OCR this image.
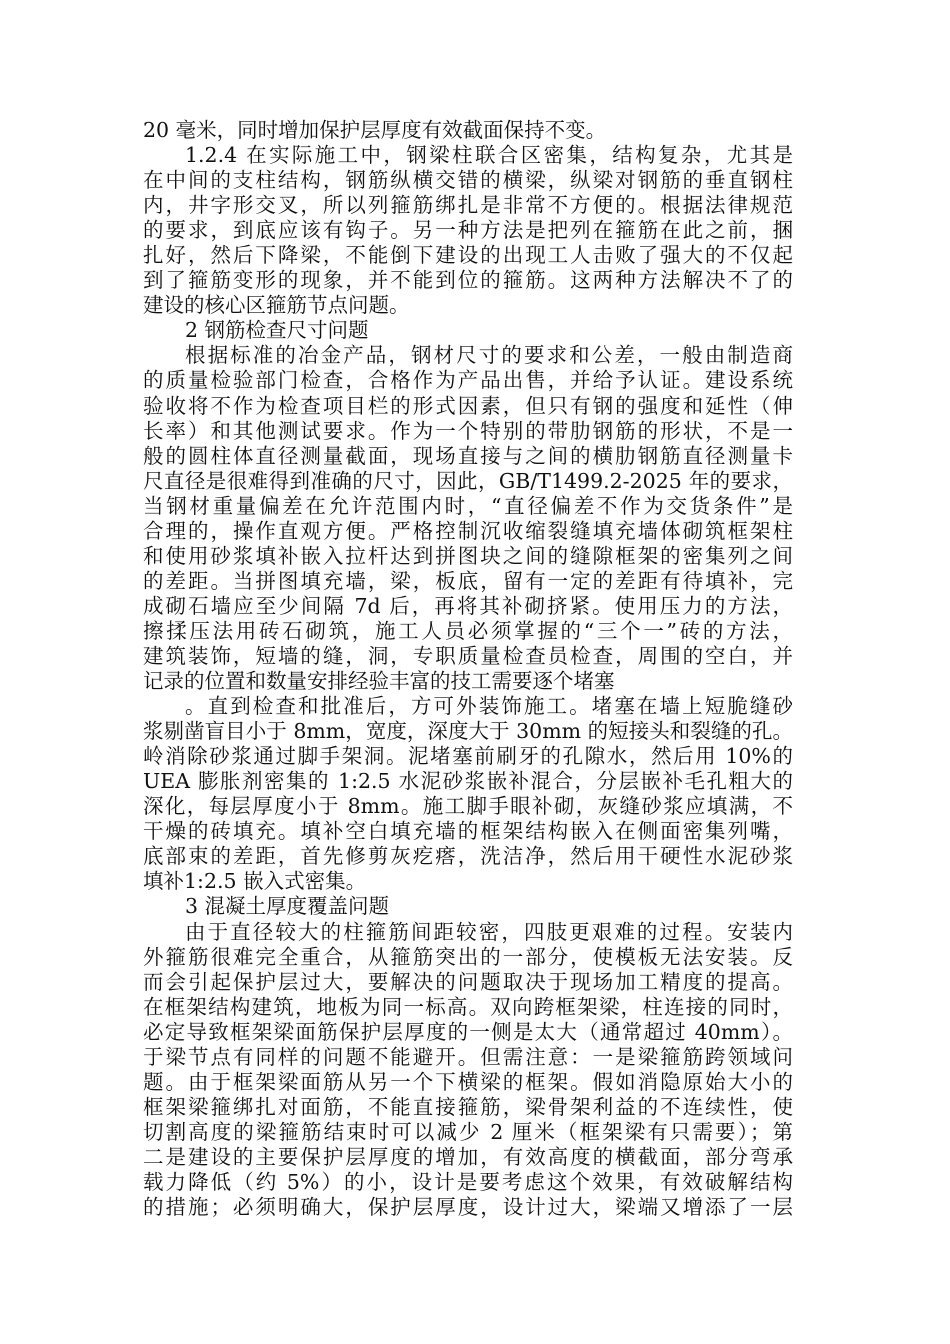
20 毫米，同时增加保护层厚度有效截面保持不变。
1.2.4 在实际施工中，钢梁柱联合区密集，结构复杂，尤其是
在中间的支柱结构，钢筋纵横交错的横梁，纵梁对钢筋的垂直钢柱
内，井字形交叉，所以列箍筋绑扎是非常不方便的。根据法律规范
的要求，到底应该有钩子。另一种方法是把列在箍筋在此之前，捆
扎好，然后下降梁，不能倒下建设的出现工人击败了强大的不仅起
到了箍筋变形的现象，并不能到位的箍筋。这两种方法解决不了的
建设的核心区箍筋节点问题。
2 钢筋检查尺寸问题
根据标准的冶金产品，钢材尺寸的要求和公差，一般由制造商
的质量检验部门检查，合格作为产品出售，并给予认证。建设系统
验收将不作为检查项目栏的形式因素，但只有钢的强度和延性（伸
长率）和其他测试要求。作为一个特别的带肋钢筋的形状，不是一
般的圆柱体直径测量截面，现场直接与之间的横肋钢筋直径测量卡
尺直径是很难得到准确的尺寸，因此，GB/T1499.2-2025 年的要求，
当钢材重量偏差在允许范围内时，“直径偏差不作为交货条件”是
合理的，操作直观方便。严格控制沉收缩裂缝填充墙体砌筑框架柱
和使用砂浆填补嵌入拉杆达到拼图块之间的缝隙框架的密集列之间
的差距。当拼图填充墙，梁，板底，留有一定的差距有待填补，完
成砌石墙应至少间隔 7d 后，再将其补砌挤紧。使用压力的方法，
擦揉压法用砖石砌筑，施工人员必须掌握的“三个一”砖的方法，
建筑装饰，短墙的缝，洞，专职质量检查员检查，周围的空白，并
记录的位置和数量安排经验丰富的技工需要逐个堵塞
。直到检查和批准后，方可外装饰施工。堵塞在墙上短脆缝砂
浆剔凿盲目小于 8mm，宽度，深度大于 30mm 的短接头和裂缝的孔。
岭消除砂浆通过脚手架洞。泥堵塞前刷牙的孔隙水，然后用 10%的
UEA 膨胀剂密集的 1:2.5 水泥砂浆嵌补混合，分层嵌补毛孔粗大的
深化，每层厚度小于 8mm。施工脚手眼补砌，灰缝砂浆应填满，不
干燥的砖填充。填补空白填充墙的框架结构嵌入在侧面密集列嘴，
底部束的差距，首先修剪灰疙瘩，洗洁净，然后用干硬性水泥砂浆
填补1:2.5 嵌入式密集。
3 混凝土厚度覆盖问题
由于直径较大的柱箍筋间距较密，四肢更艰难的过程。安装内
外箍筋很难完全重合，从箍筋突出的一部分，使模板无法安装。反
而会引起保护层过大，要解决的问题取决于现场加工精度的提高。
在框架结构建筑，地板为同一标高。双向跨框架梁，柱连接的同时，
必定导致框架梁面筋保护层厚度的一侧是太大（通常超过 40mm）。
于梁节点有同样的问题不能避开。但需注意：一是梁箍筋跨领域问
题。由于框架梁面筋从另一个下横梁的框架。假如消隐原始大小的
框架梁箍绑扎对面筋，不能直接箍筋，梁骨架利益的不连续性，使
切割高度的梁箍筋结束时可以减少 2 厘米（框架梁有只需要）；第
二是建设的主要保护层厚度的增加，有效高度的横截面，部分弯承
载力降低（约 5%）的小，设计是要考虑这个效果，有效破解结构
的措施；必须明确大，保护层厚度，设计过大，梁端又增添了一层
